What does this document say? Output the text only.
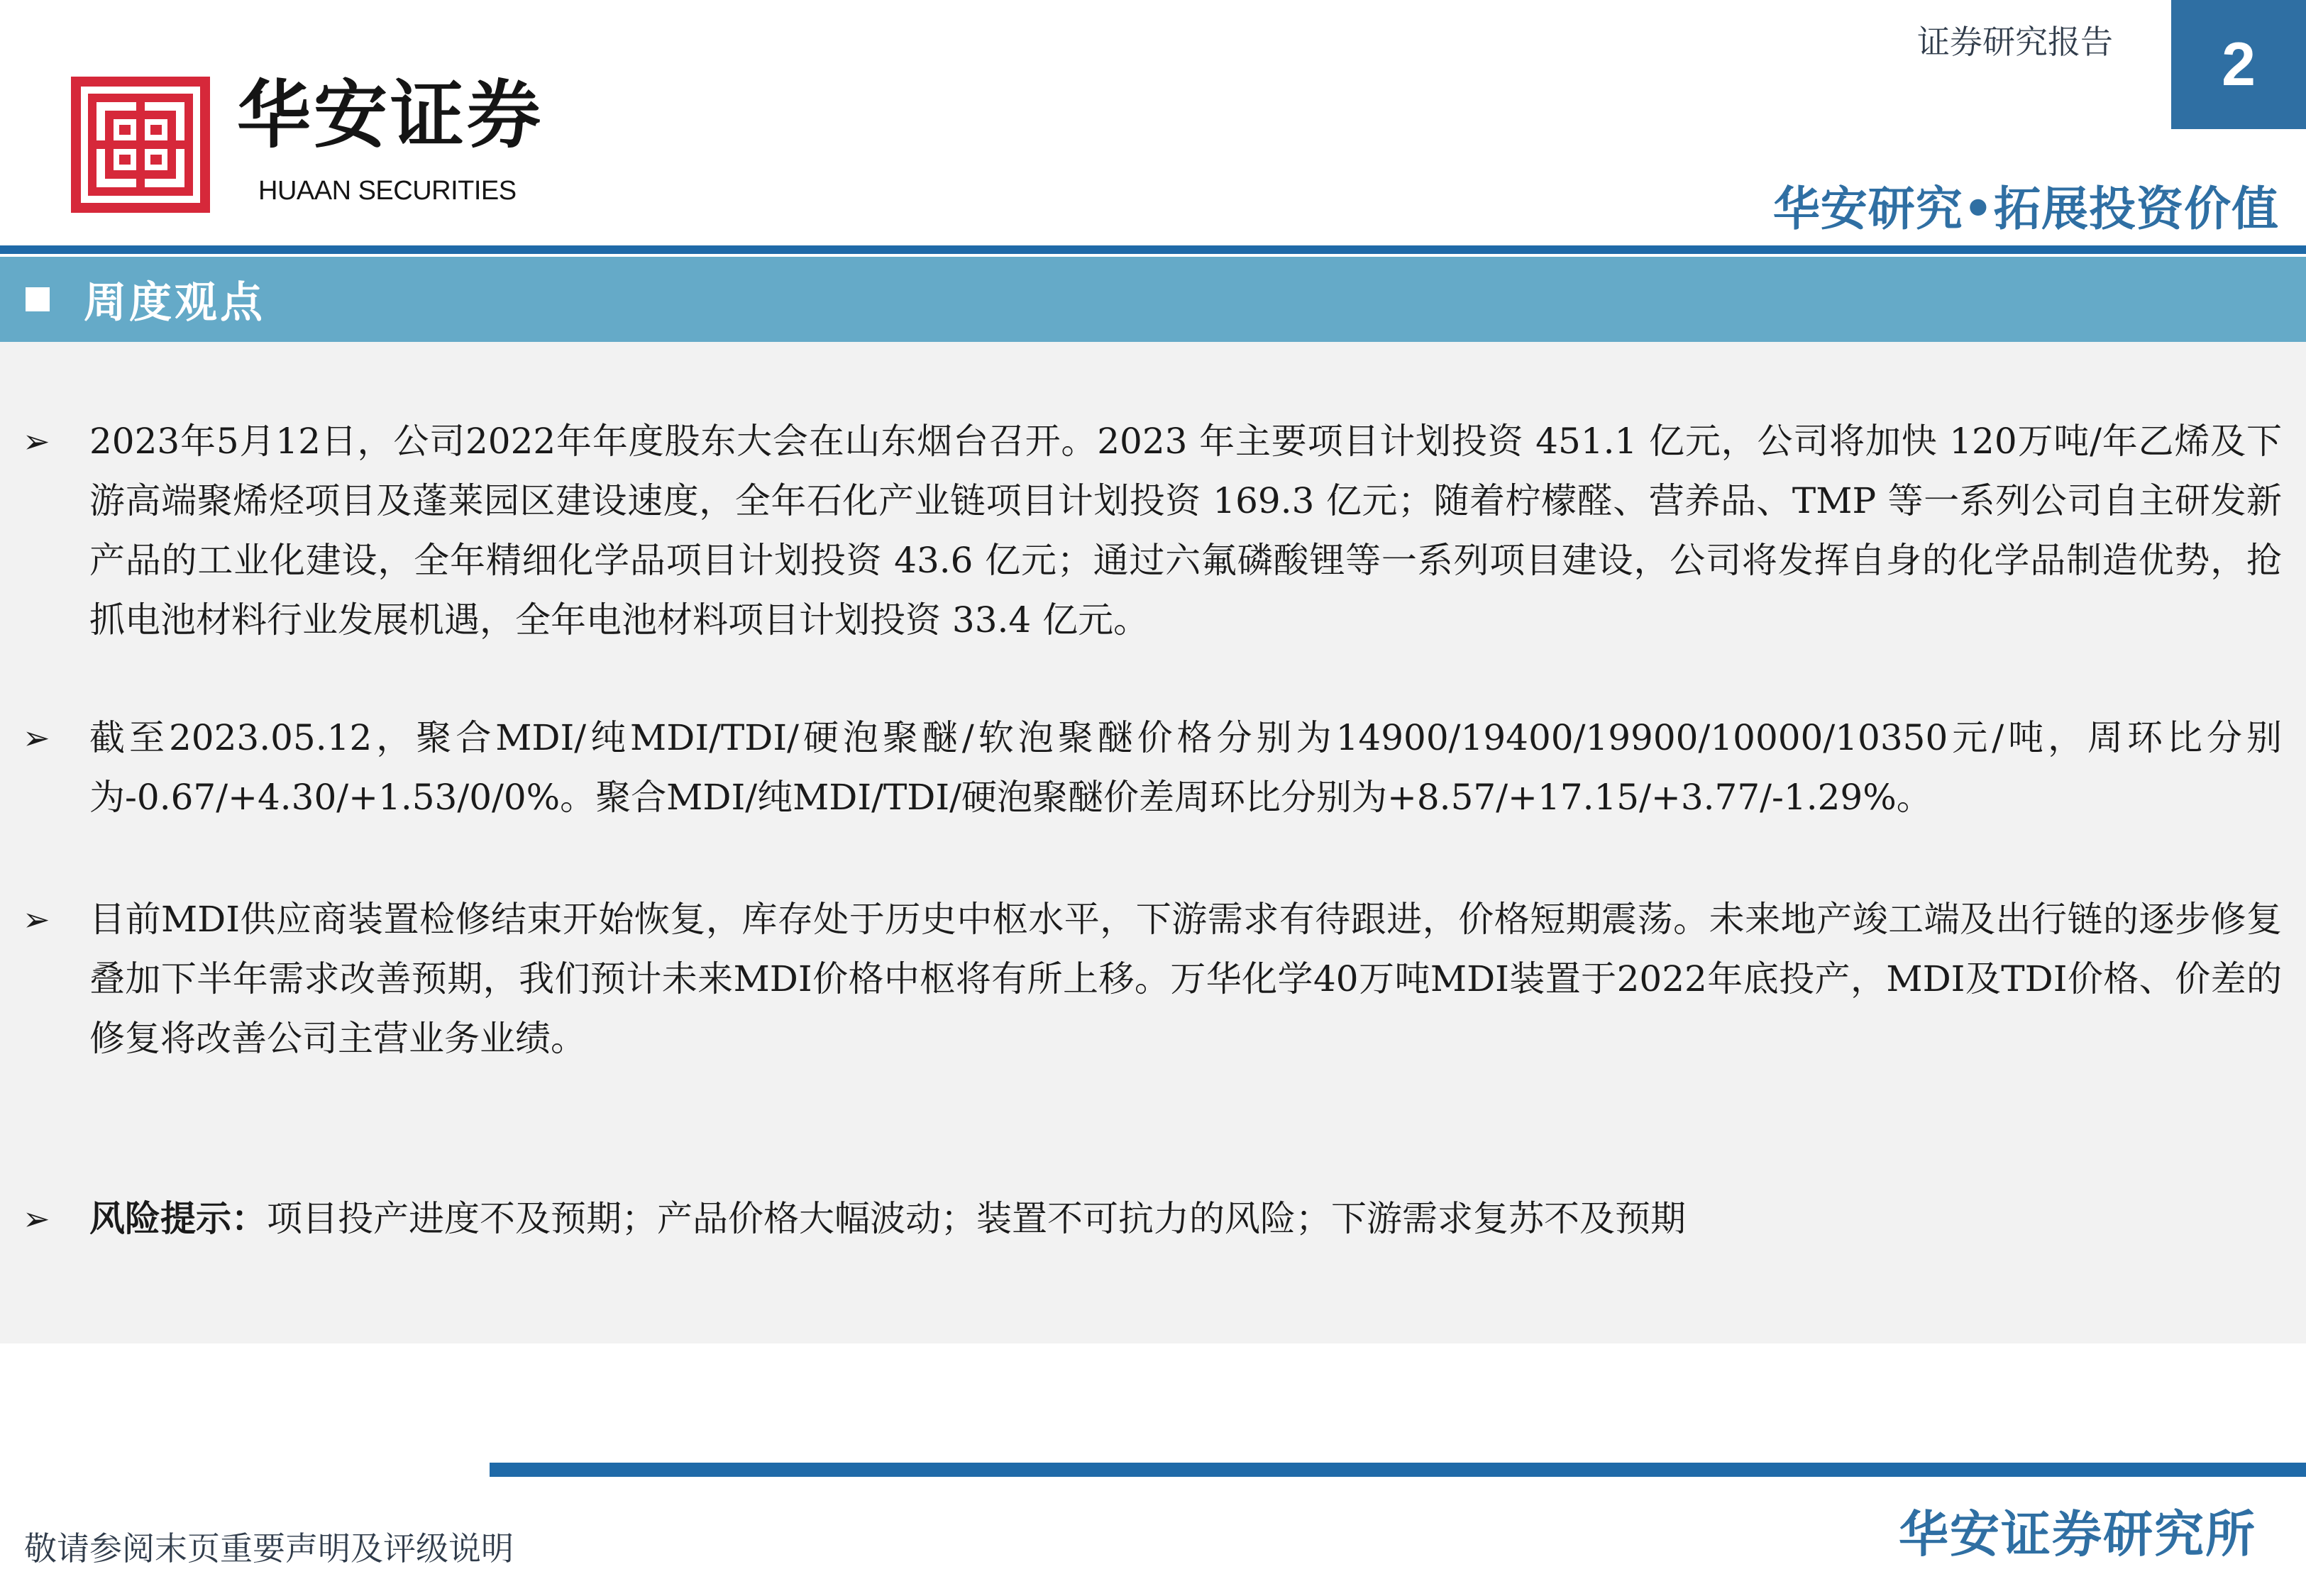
华安证券
HUAAN SECURITIES
证券研究报告 2
华安研究•拓展投资价值
周度观点
➢ 2023年5月12日，公司2022年年度股东大会在山东烟台召开。2023 年主要项目计划投资 451.1 亿元，公司将加快 120万吨/年乙烯及下游高端聚烯烃项目及蓬莱园区建设速度，全年石化产业链项目计划投资 169.3 亿元；随着柠檬醛、营养品、TMP 等一系列公司自主研发新产品的工业化建设，全年精细化学品项目计划投资 43.6 亿元；通过六氟磷酸锂等一系列项目建设，公司将发挥自身的化学品制造优势，抢抓电池材料行业发展机遇，全年电池材料项目计划投资 33.4 亿元。
➢ 截至2023.05.12，聚合MDI/纯MDI/TDI/硬泡聚醚/软泡聚醚价格分别为14900/19400/19900/10000/10350元/吨，周环比分别为-0.67/+4.30/+1.53/0/0%。聚合MDI/纯MDI/TDI/硬泡聚醚价差周环比分别为+8.57/+17.15/+3.77/-1.29%。
➢ 目前MDI供应商装置检修结束开始恢复，库存处于历史中枢水平，下游需求有待跟进，价格短期震荡。未来地产竣工端及出行链的逐步修复叠加下半年需求改善预期，我们预计未来MDI价格中枢将有所上移。万华化学40万吨MDI装置于2022年底投产，MDI及TDI价格、价差的修复将改善公司主营业务业绩。
➢ 风险提示：项目投产进度不及预期；产品价格大幅波动；装置不可抗力的风险；下游需求复苏不及预期
敬请参阅末页重要声明及评级说明	华安证券研究所
